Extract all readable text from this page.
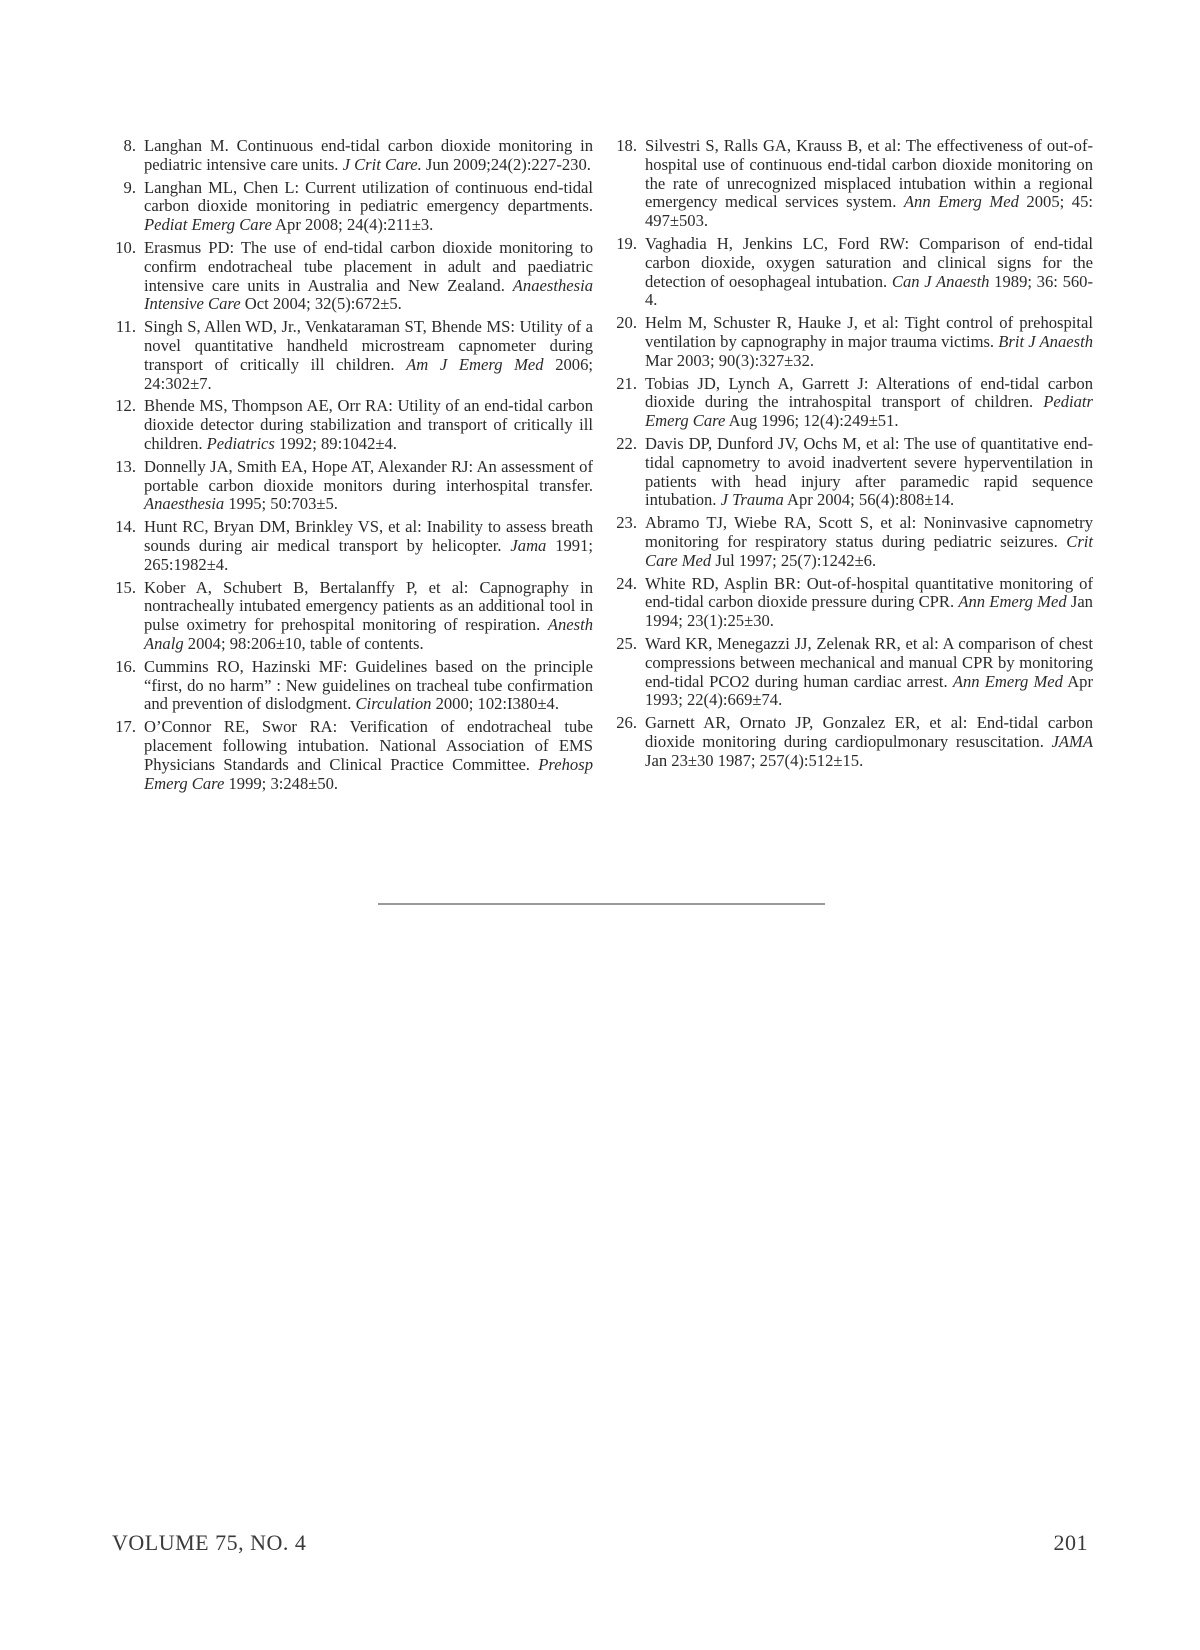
8. Langhan M. Continuous end-tidal carbon dioxide monitoring in pediatric intensive care units. J Crit Care. Jun 2009;24(2):227-230.
9. Langhan ML, Chen L: Current utilization of continuous end-tidal carbon dioxide monitoring in pediatric emergency departments. Pediat Emerg Care Apr 2008; 24(4):211±3.
10. Erasmus PD: The use of end-tidal carbon dioxide monitoring to confirm endotracheal tube placement in adult and paediatric intensive care units in Australia and New Zealand. Anaesthesia Intensive Care Oct 2004; 32(5):672±5.
11. Singh S, Allen WD, Jr., Venkataraman ST, Bhende MS: Utility of a novel quantitative handheld microstream capnometer during transport of critically ill children. Am J Emerg Med 2006; 24:302±7.
12. Bhende MS, Thompson AE, Orr RA: Utility of an end-tidal carbon dioxide detector during stabilization and transport of critically ill children. Pediatrics 1992; 89:1042±4.
13. Donnelly JA, Smith EA, Hope AT, Alexander RJ: An assessment of portable carbon dioxide monitors during interhospital transfer. Anaesthesia 1995; 50:703±5.
14. Hunt RC, Bryan DM, Brinkley VS, et al: Inability to assess breath sounds during air medical transport by helicopter. Jama 1991; 265:1982±4.
15. Kober A, Schubert B, Bertalanffy P, et al: Capnography in nontracheally intubated emergency patients as an additional tool in pulse oximetry for prehospital monitoring of respiration. Anesth Analg 2004; 98:206±10, table of contents.
16. Cummins RO, Hazinski MF: Guidelines based on the principle “first, do no harm” : New guidelines on tracheal tube confirmation and prevention of dislodgment. Circulation 2000; 102:I380±4.
17. O’Connor RE, Swor RA: Verification of endotracheal tube placement following intubation. National Association of EMS Physicians Standards and Clinical Practice Committee. Prehosp Emerg Care 1999; 3:248±50.
18. Silvestri S, Ralls GA, Krauss B, et al: The effectiveness of out-of-hospital use of continuous end-tidal carbon dioxide monitoring on the rate of unrecognized misplaced intubation within a regional emergency medical services system. Ann Emerg Med 2005; 45: 497±503.
19. Vaghadia H, Jenkins LC, Ford RW: Comparison of end-tidal carbon dioxide, oxygen saturation and clinical signs for the detection of oesophageal intubation. Can J Anaesth 1989; 36: 560-4.
20. Helm M, Schuster R, Hauke J, et al: Tight control of prehospital ventilation by capnography in major trauma victims. Brit J Anaesth Mar 2003; 90(3):327±32.
21. Tobias JD, Lynch A, Garrett J: Alterations of end-tidal carbon dioxide during the intrahospital transport of children. Pediatr Emerg Care Aug 1996; 12(4):249±51.
22. Davis DP, Dunford JV, Ochs M, et al: The use of quantitative end-tidal capnometry to avoid inadvertent severe hyperventilation in patients with head injury after paramedic rapid sequence intubation. J Trauma Apr 2004; 56(4):808±14.
23. Abramo TJ, Wiebe RA, Scott S, et al: Noninvasive capnometry monitoring for respiratory status during pediatric seizures. Crit Care Med Jul 1997; 25(7):1242±6.
24. White RD, Asplin BR: Out-of-hospital quantitative monitoring of end-tidal carbon dioxide pressure during CPR. Ann Emerg Med Jan 1994; 23(1):25±30.
25. Ward KR, Menegazzi JJ, Zelenak RR, et al: A comparison of chest compressions between mechanical and manual CPR by monitoring end-tidal PCO2 during human cardiac arrest. Ann Emerg Med Apr 1993; 22(4):669±74.
26. Garnett AR, Ornato JP, Gonzalez ER, et al: End-tidal carbon dioxide monitoring during cardiopulmonary resuscitation. JAMA Jan 23±30 1987; 257(4):512±15.
VOLUME 75, NO. 4	201
